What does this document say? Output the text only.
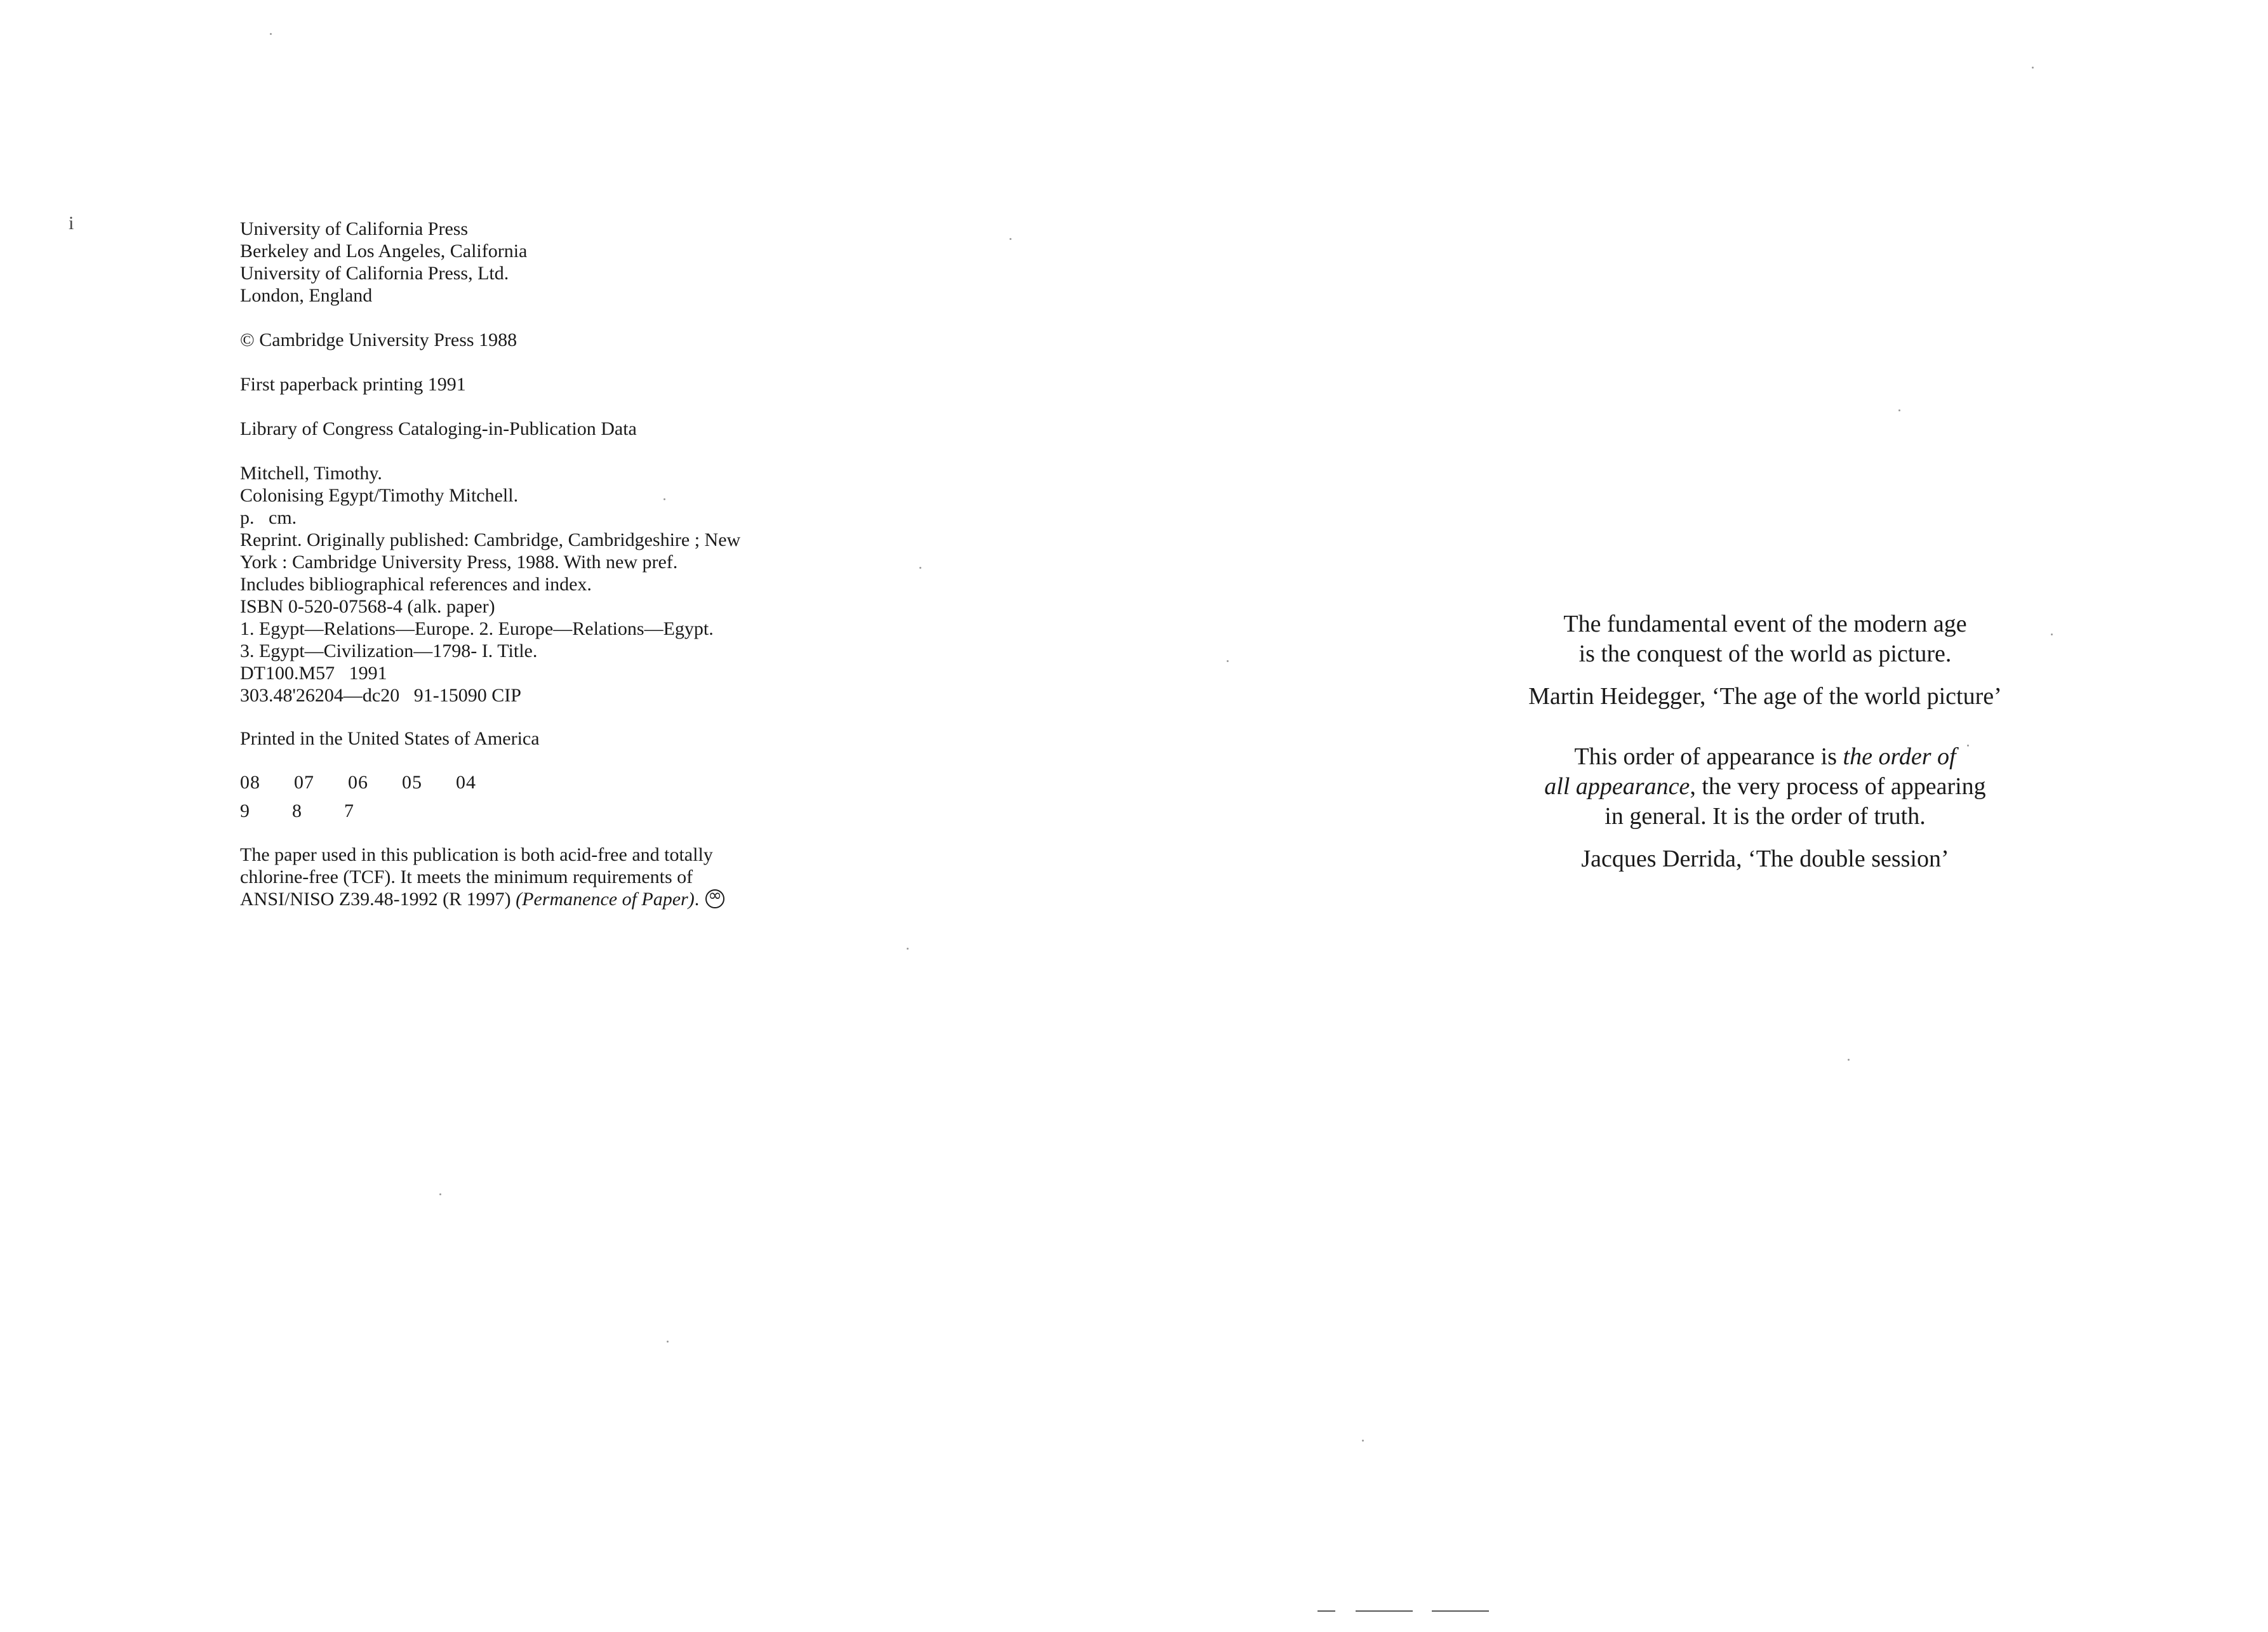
i	University of California Press
Berkeley and Los Angeles, California
University of California Press, Ltd.
London, England
© Cambridge University Press 1988
First paperback printing 1991
Library of Congress Cataloging-in-Publication Data
Mitchell, Timothy.
Colonising Egypt/Timothy Mitchell.
p.   cm.
Reprint. Originally published: Cambridge, Cambridgeshire ; New
York : Cambridge University Press, 1988. With new pref.
Includes bibliographical references and index.
ISBN 0-520-07568-4 (alk. paper)
1. Egypt—Relations—Europe. 2. Europe—Relations—Egypt.
3. Egypt—Civilization—1798- I. Title.
DT100.M57   1991
303.48'26204—dc20   91-15090 CIP
Printed in the United States of America
08  07  06  05  04
9  8  7
The paper used in this publication is both acid-free and totally
chlorine-free (TCF). It meets the minimum requirements of
ANSI/NISO Z39.48-1992 (R 1997) (Permanence of Paper).∞
The fundamental event of the modern age
is the conquest of the world as picture.
Martin Heidegger, ‘The age of the world picture’
This order of appearance is the order of
all appearance, the very process of appearing
in general. It is the order of truth.
Jacques Derrida, ‘The double session’
